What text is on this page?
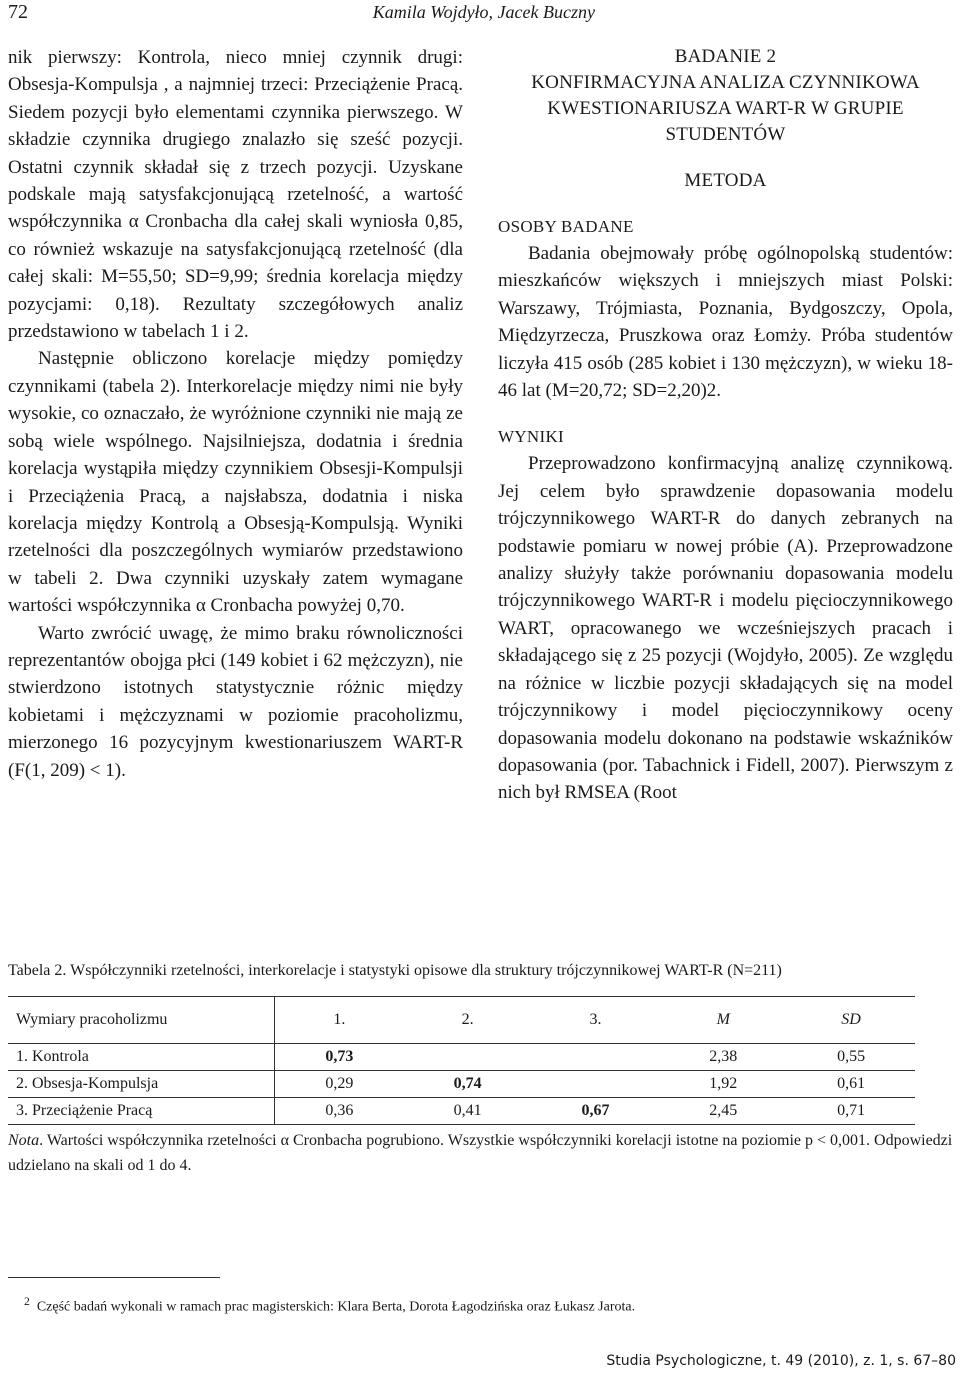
72	Kamila Wojdyło, Jacek Buczny

nik pierwszy: Kontrola, nieco mniej czynnik drugi: Obsesja-Kompulsja , a najmniej trzeci: Przeciążenie Pracą. Siedem pozycji było elementami czynnika pierwszego. W składzie czynnika drugiego znalazło się sześć pozycji. Ostatni czynnik składał się z trzech pozycji. Uzyskane podskale mają satysfakcjonującą rzetelność, a wartość współczynnika α Cronbacha dla całej skali wyniosła 0,85, co również wskazuje na satysfakcjonującą rzetelność (dla całej skali: M=55,50; SD=9,99; średnia korelacja między pozycjami: 0,18). Rezultaty szczegółowych analiz przedstawiono w tabelach 1 i 2.

Następnie obliczono korelacje między pomiędzy czynnikami (tabela 2). Interkorelacje między nimi nie były wysokie, co oznaczało, że wyróżnione czynniki nie mają ze sobą wiele wspólnego. Najsilniejsza, dodatnia i średnia korelacja wystąpiła między czynnikiem Obsesji-Kompulsji i Przeciążenia Pracą, a najsłabsza, dodatnia i niska korelacja między Kontrolą a Obsesją-Kompulsją. Wyniki rzetelności dla poszczególnych wymiarów przedstawiono w tabeli 2. Dwa czynniki uzyskały zatem wymagane wartości współczynnika α Cronbacha powyżej 0,70.

Warto zwrócić uwagę, że mimo braku równoliczności reprezentantów obojga płci (149 kobiet i 62 mężczyzn), nie stwierdzono istotnych statystycznie różnic między kobietami i mężczyznami w poziomie pracoholizmu, mierzonego 16 pozycyjnym kwestionariuszem WART-R (F(1, 209) < 1).

BADANIE 2

KONFIRMACYJNA ANALIZA CZYNNIKOWA

KWESTIONARIUSZA WART-R W GRUPIE

STUDENTÓW

METODA

OSOBY BADANE

Badania obejmowały próbę ogólnopolską studentów: mieszkańców większych i mniejszych miast Polski: Warszawy, Trójmiasta, Poznania, Bydgoszczy, Opola, Międzyrzecza, Pruszkowa oraz Łomży. Próba studentów liczyła 415 osób (285 kobiet i 130 mężczyzn), w wieku 18-46 lat (M=20,72; SD=2,20)2.

WYNIKI

Przeprowadzono konfirmacyjną analizę czynnikową. Jej celem było sprawdzenie dopasowania modelu trójczynnikowego WART-R do danych zebranych na podstawie pomiaru w nowej próbie (A). Przeprowadzone analizy służyły także porównaniu dopasowania modelu trójczynnikowego WART-R i modelu pięcioczynnikowego WART, opracowanego we wcześniejszych pracach i składającego się z 25 pozycji (Wojdyło, 2005). Ze względu na różnice w liczbie pozycji składających się na model trójczynnikowy i model pięcioczynnikowy oceny dopasowania modelu dokonano na podstawie wskaźników dopasowania (por. Tabachnick i Fidell, 2007). Pierwszym z nich był RMSEA (Root

Tabela 2. Współczynniki rzetelności, interkorelacje i statystyki opisowe dla struktury trójczynnikowej WART-R (N=211)
Wymiary pracoholizmu	1.	2.	3.	M	SD
1. Kontrola	0,73			2,38	0,55
2. Obsesja-Kompulsja	0,29	0,74		1,92	0,61
3. Przeciążenie Pracą	0,36	0,41	0,67	2,45	0,71
Nota. Wartości współczynnika rzetelności α Cronbacha pogrubiono. Wszystkie współczynniki korelacji istotne na poziomie p < 0,001. Odpowiedzi udzielano na skali od 1 do 4.
$^2$ Część badań wykonali w ramach prac magisterskich: Klara Berta, Dorota Łagodzińska oraz Łukasz Jarota.
Studia Psychologiczne, t. 49 (2010), z. 1, s. 67–80
